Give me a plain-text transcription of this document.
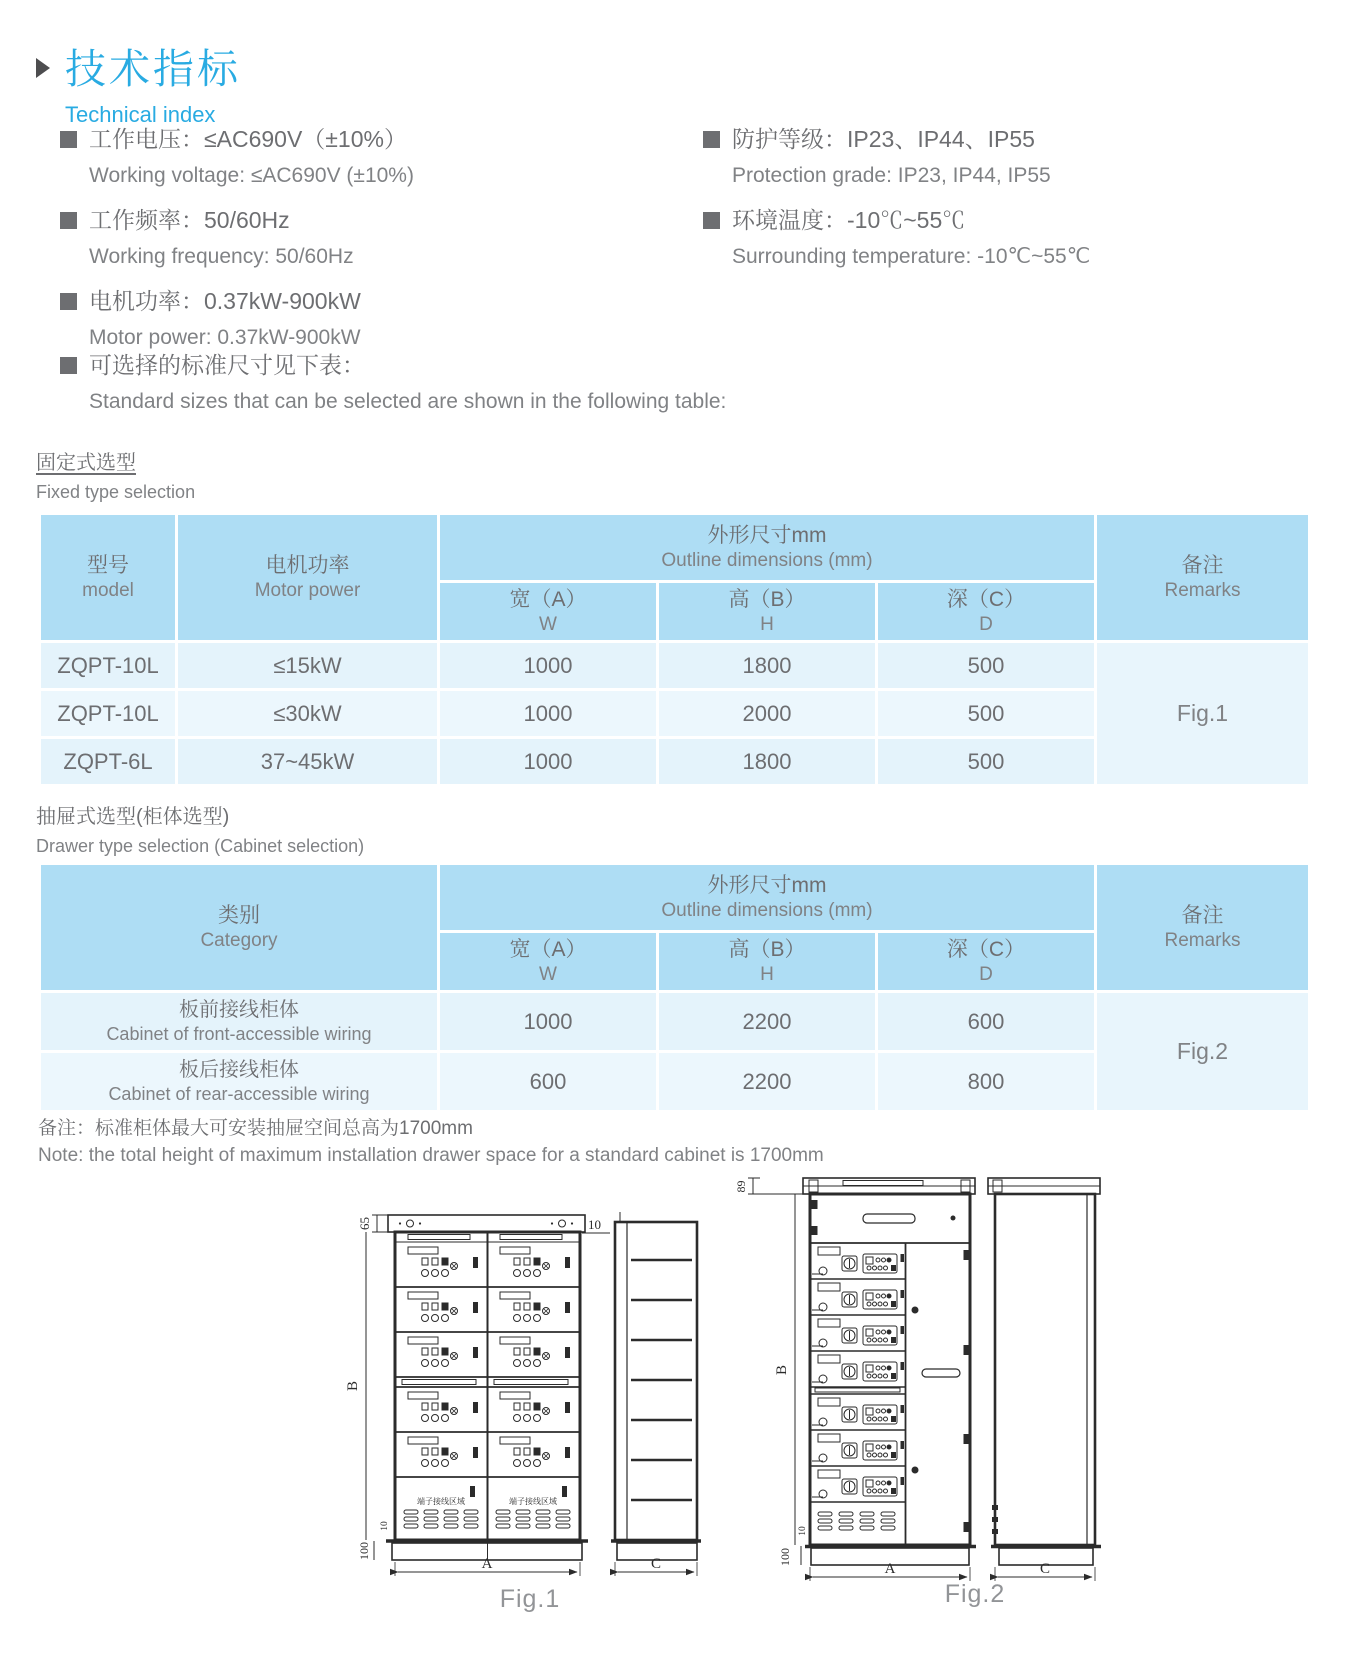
技术指标
Technical index
工作电压：≤AC690V（±10%）
Working voltage: ≤AC690V (±10%)
工作频率：50/60Hz
Working frequency: 50/60Hz
电机功率：0.37kW-900kW
Motor power: 0.37kW-900kW
防护等级：IP23、IP44、IP55
Protection grade: IP23, IP44, IP55
环境温度：-10℃~55℃
Surrounding temperature: -10℃~55℃
可选择的标准尺寸见下表：
Standard sizes that can be selected are shown in the following table:
固定式选型
Fixed type selection
型号
model

电机功率
Motor power

外形尺寸mm
Outline dimensions (mm)	备注
Remarks

宽（A）
W

高（B）
H

深（C）
D

ZQPT-10L	≤15kW	1000	1800	500	Fig.1
ZQPT-10L	≤30kW	1000	2000	500	
ZQPT-6L	37~45kW	1000	1800	500	
抽屉式选型(柜体选型)
Drawer type selection (Cabinet selection)
类别
Category

外形尺寸mm
Outline dimensions (mm)	备注
Remarks

宽（A）
W

高（B）
H

深（C）
D

板前接线柜体
Cabinet of front-accessible wiring	1000	2200	600	Fig.2

板后接线柜体
Cabinet of rear-accessible wiring	600	2200	800	
备注：标准柜体最大可安装抽屉空间总高为1700mm
Note: the total height of maximum installation drawer space for a standard cabinet is 1700mm
端子接线区域	端子接线区域
65
B
10
100
10
A	C
89
B
10
100
A	C
Fig.1	Fig.2
